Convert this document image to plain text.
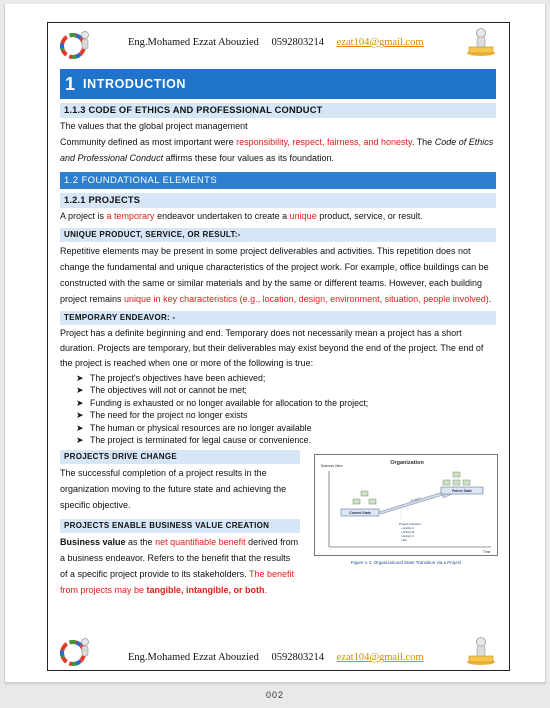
Eng.Mohamed Ezzat Abouzied 0592803214 ezat104@gmail.com
1 INTRODUCTION
1.1.3 CODE OF ETHICS AND PROFESSIONAL CONDUCT

The values that the global project management
Community defined as most important were responsibility, respect, fairness, and honesty. The Code of Ethics and Professional Conduct affirms these four values as its foundation.

1.2 FOUNDATIONAL ELEMENTS
1.2.1 PROJECTS

A project is a temporary endeavor undertaken to create a unique product, service, or result.

UNIQUE PRODUCT, SERVICE, OR RESULT:-

Repetitive elements may be present in some project deliverables and activities. This repetition does not change the fundamental and unique characteristics of the project work. For example, office buildings can be constructed with the same or similar materials and by the same or different teams. However, each building project remains unique in key characteristics (e.g., location, design, environment, situation, people involved).

TEMPORARY ENDEAVOR: -

Project has a definite beginning and end. Temporary does not necessarily mean a project has a short duration. Projects are temporary, but their deliverables may exist beyond the end of the project. The end of the project is reached when one or more of the following is true:

➤ The project's objectives have been achieved;
➤ The objectives will not or cannot be met;
➤ Funding is exhausted or no longer available for allocation to the project;
➤ The need for the project no longer exists
➤ The human or physical resources are no longer available
➤ The project is terminated for legal cause or convenience.
PROJECTS DRIVE CHANGE

The successful completion of a project results in the organization moving to the future state and achieving the specific objective.

PROJECTS ENABLE BUSINESS VALUE CREATION

Business value as the net quantifiable benefit derived from a business endeavor. Refers to the benefit that the results of a specific project provide to its stakeholders. The benefit from projects may be tangible, intangible, or both.

Organization
Business Value
Time
Current State
Project
Future State
Project Activities
• Activity A
• Activity B
• Activity C
• Etc
Figure 1-1. Organizational State Transition via a Project
Eng.Mohamed Ezzat Abouzied 0592803214 ezat104@gmail.com
002
